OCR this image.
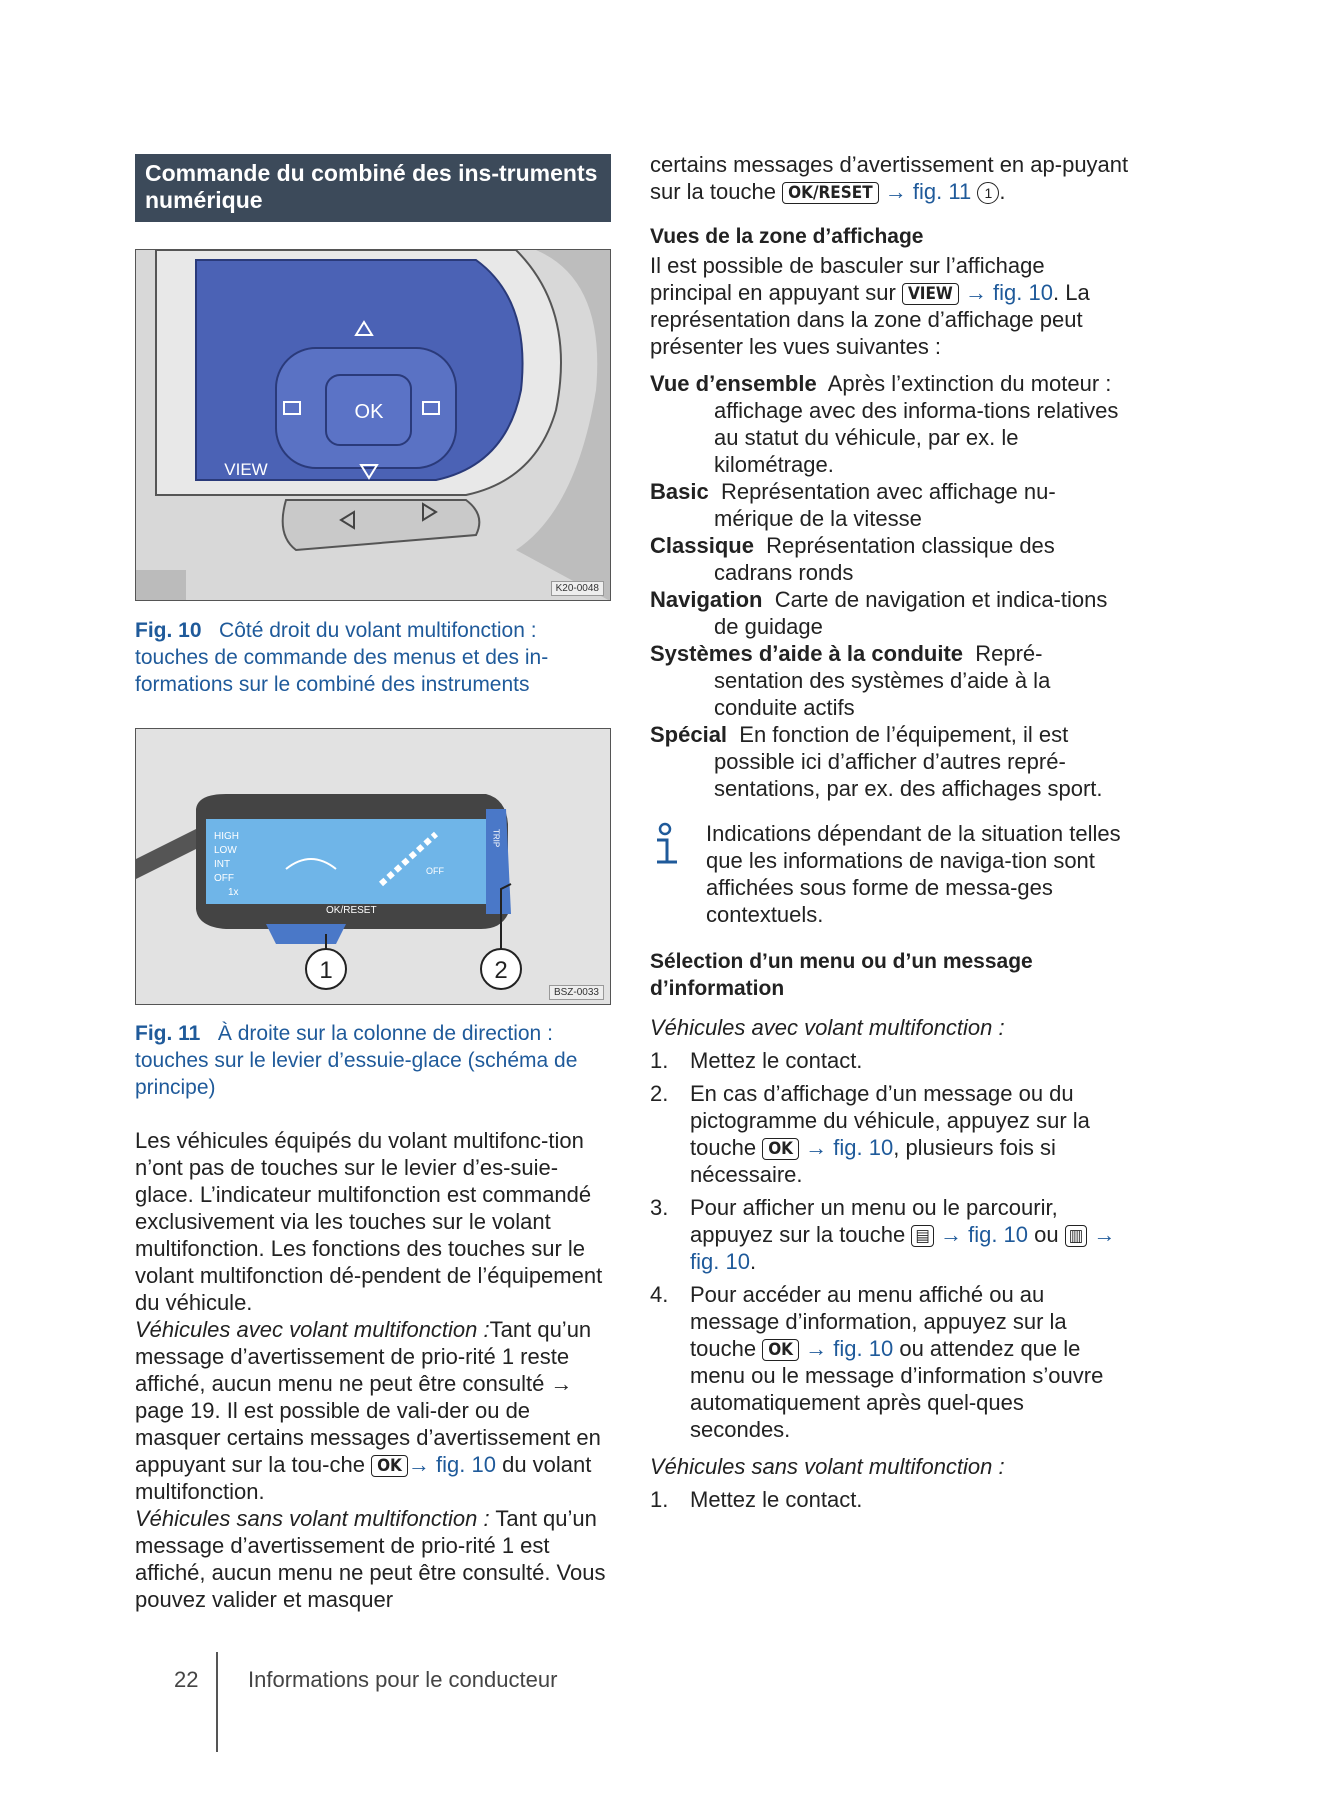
Commande du combiné des ins-truments numérique
OK
VIEW
K20-0048
Fig. 10 Côté droit du volant multifonction : touches de commande des menus et des in-formations sur le combiné des instruments
HIGH
LOW
INT
OFF
1x
OK/RESET
OFF
TRIP
1	2
BSZ-0033
Fig. 11 À droite sur la colonne de direction : touches sur le levier d’essuie-glace (schéma de principe)

Les véhicules équipés du volant multifonc-tion n’ont pas de touches sur le levier d’es-suie-glace. L’indicateur multifonction est commandé exclusivement via les touches sur le volant multifonction. Les fonctions des touches sur le volant multifonction dé-pendent de l’équipement du véhicule.

Véhicules avec volant multifonction :Tant qu’un message d’avertissement de prio-rité 1 reste affiché, aucun menu ne peut être consulté → page 19. Il est possible de vali-der ou de masquer certains messages d’avertissement en appuyant sur la tou-che OK → fig. 10 du volant multifonction.

Véhicules sans volant multifonction : Tant qu’un message d’avertissement de prio-rité 1 est affiché, aucun menu ne peut être consulté. Vous pouvez valider et masquer

certains messages d’avertissement en ap-puyant sur la touche OK/RESET → fig. 11 1 .

Vues de la zone d’affichage

Il est possible de basculer sur l’affichage principal en appuyant sur VIEW → fig. 10. La représentation dans la zone d’affichage peut présenter les vues suivantes :

Vue d’ensemble Après l’extinction du moteur : affichage avec des informa-tions relatives au statut du véhicule, par ex. le kilométrage.

Basic Représentation avec affichage nu-mérique de la vitesse

Classique Représentation classique des cadrans ronds

Navigation Carte de navigation et indica-tions de guidage

Systèmes d’aide à la conduite Repré-sentation des systèmes d’aide à la conduite actifs

Spécial En fonction de l’équipement, il est possible ici d’afficher d’autres repré-sentations, par ex. des affichages sport.

Indications dépendant de la situation telles que les informations de naviga-tion sont affichées sous forme de messa-ges contextuels.
Sélection d’un menu ou d’un message d’information

Véhicules avec volant multifonction :

1. Mettez le contact.
2. En cas d’affichage d’un message ou du pictogramme du véhicule, appuyez sur la touche OK → fig. 10, plusieurs fois si nécessaire.
3. Pour afficher un menu ou le parcourir, appuyez sur la touche ▤ → fig. 10 ou ▥ → fig. 10.
4. Pour accéder au menu affiché ou au message d’information, appuyez sur la touche OK → fig. 10 ou attendez que le menu ou le message d’information s’ouvre automatiquement après quel-ques secondes.

Véhicules sans volant multifonction :

1. Mettez le contact.
22 Informations pour le conducteur
